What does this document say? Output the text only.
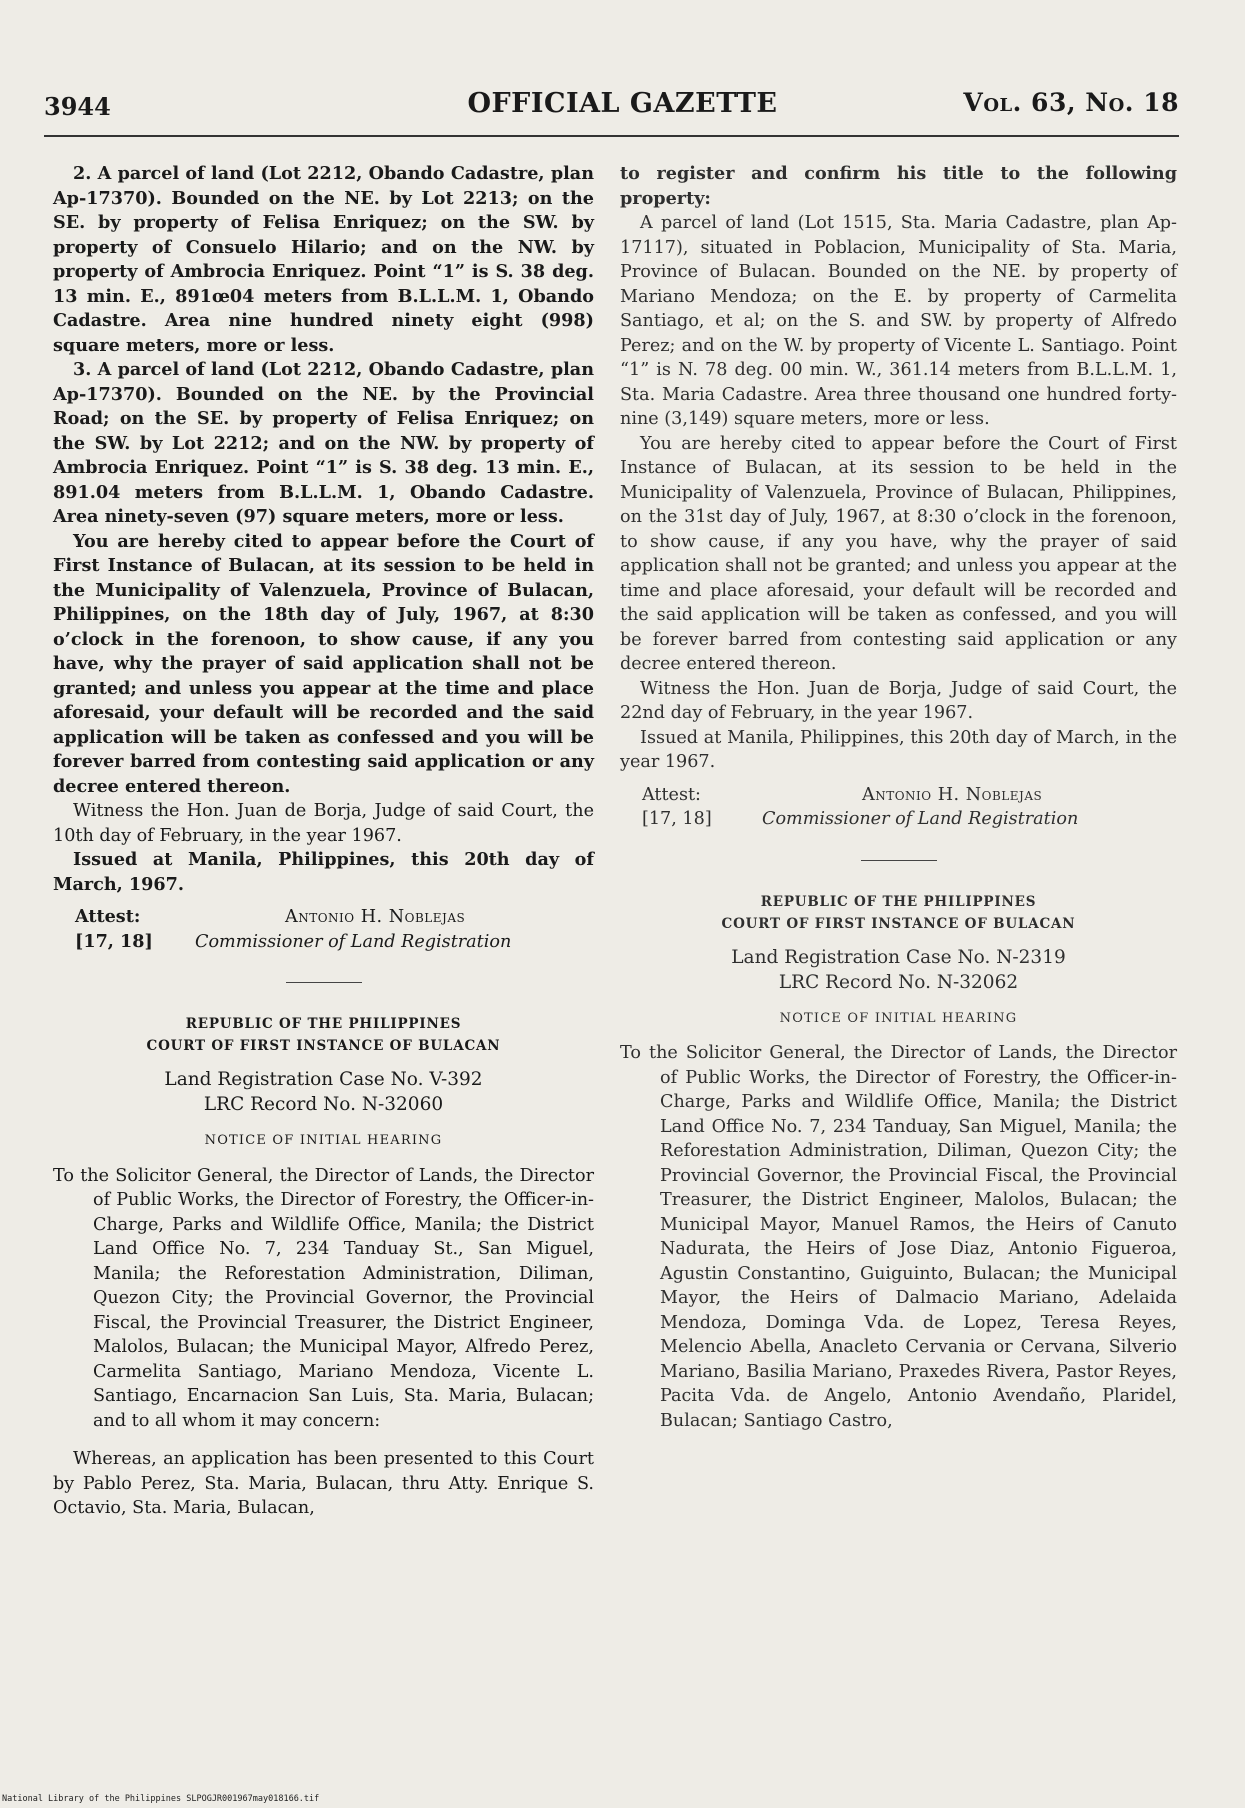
3944	OFFICIAL GAZETTE	Vol. 63, No. 18

2. A parcel of land (Lot 2212, Obando Cadastre, plan Ap-17370). Bounded on the NE. by Lot 2213; on the SE. by property of Felisa Enriquez; on the SW. by property of Consuelo Hilario; and on the NW. by property of Ambrocia Enriquez. Point “1” is S. 38 deg. 13 min. E., 891œ04 meters from B.L.L.M. 1, Obando Cadastre. Area nine hundred ninety eight (998) square meters, more or less.

3. A parcel of land (Lot 2212, Obando Cadastre, plan Ap-17370). Bounded on the NE. by the Provincial Road; on the SE. by property of Felisa Enriquez; on the SW. by Lot 2212; and on the NW. by property of Ambrocia Enriquez. Point “1” is S. 38 deg. 13 min. E., 891.04 meters from B.L.L.M. 1, Obando Cadastre. Area ninety-seven (97) square meters, more or less.

You are hereby cited to appear before the Court of First Instance of Bulacan, at its session to be held in the Municipality of Valenzuela, Province of Bulacan, Philippines, on the 18th day of July, 1967, at 8:30 o’clock in the forenoon, to show cause, if any you have, why the prayer of said application shall not be granted; and unless you appear at the time and place aforesaid, your default will be recorded and the said application will be taken as confessed and you will be forever barred from contesting said application or any decree entered thereon.

Witness the Hon. Juan de Borja, Judge of said Court, the 10th day of February, in the year 1967.

Issued at Manila, Philippines, this 20th day of March, 1967.

Attest:	Antonio H. Noblejas
[17, 18]	Commissioner of Land Registration
REPUBLIC OF THE PHILIPPINES
COURT OF FIRST INSTANCE OF BULACAN
Land Registration Case No. V-392
LRC Record No. N-32060
NOTICE OF INITIAL HEARING

To the Solicitor General, the Director of Lands, the Director of Public Works, the Director of Forestry, the Officer-in-Charge, Parks and Wildlife Office, Manila; the District Land Office No. 7, 234 Tanduay St., San Miguel, Manila; the Reforestation Administration, Diliman, Quezon City; the Provincial Governor, the Provincial Fiscal, the Provincial Treasurer, the District Engineer, Malolos, Bulacan; the Municipal Mayor, Alfredo Perez, Carmelita Santiago, Mariano Mendoza, Vicente L. Santiago, Encarnacion San Luis, Sta. Maria, Bulacan; and to all whom it may concern:

Whereas, an application has been presented to this Court by Pablo Perez, Sta. Maria, Bulacan, thru Atty. Enrique S. Octavio, Sta. Maria, Bulacan,

to register and confirm his title to the following property:

A parcel of land (Lot 1515, Sta. Maria Cadastre, plan Ap-17117), situated in Poblacion, Municipality of Sta. Maria, Province of Bulacan. Bounded on the NE. by property of Mariano Mendoza; on the E. by property of Carmelita Santiago, et al; on the S. and SW. by property of Alfredo Perez; and on the W. by property of Vicente L. Santiago. Point “1” is N. 78 deg. 00 min. W., 361.14 meters from B.L.L.M. 1, Sta. Maria Cadastre. Area three thousand one hundred forty-nine (3,149) square meters, more or less.

You are hereby cited to appear before the Court of First Instance of Bulacan, at its session to be held in the Municipality of Valenzuela, Province of Bulacan, Philippines, on the 31st day of July, 1967, at 8:30 o’clock in the forenoon, to show cause, if any you have, why the prayer of said application shall not be granted; and unless you appear at the time and place aforesaid, your default will be recorded and the said application will be taken as confessed, and you will be forever barred from contesting said application or any decree entered thereon.

Witness the Hon. Juan de Borja, Judge of said Court, the 22nd day of February, in the year 1967.

Issued at Manila, Philippines, this 20th day of March, in the year 1967.

Attest:	Antonio H. Noblejas
[17, 18]	Commissioner of Land Registration
REPUBLIC OF THE PHILIPPINES
COURT OF FIRST INSTANCE OF BULACAN
Land Registration Case No. N-2319
LRC Record No. N-32062
NOTICE OF INITIAL HEARING

To the Solicitor General, the Director of Lands, the Director of Public Works, the Director of Forestry, the Officer-in-Charge, Parks and Wildlife Office, Manila; the District Land Office No. 7, 234 Tanduay, San Miguel, Manila; the Reforestation Administration, Diliman, Quezon City; the Provincial Governor, the Provincial Fiscal, the Provincial Treasurer, the District Engineer, Malolos, Bulacan; the Municipal Mayor, Manuel Ramos, the Heirs of Canuto Nadurata, the Heirs of Jose Diaz, Antonio Figueroa, Agustin Constantino, Guiguinto, Bulacan; the Municipal Mayor, the Heirs of Dalmacio Mariano, Adelaida Mendoza, Dominga Vda. de Lopez, Teresa Reyes, Melencio Abella, Anacleto Cervania or Cervana, Silverio Mariano, Basilia Mariano, Praxedes Rivera, Pastor Reyes, Pacita Vda. de Angelo, Antonio Avendaño, Plaridel, Bulacan; Santiago Castro,

National Library of the Philippines SLPOGJR001967may018166.tif
